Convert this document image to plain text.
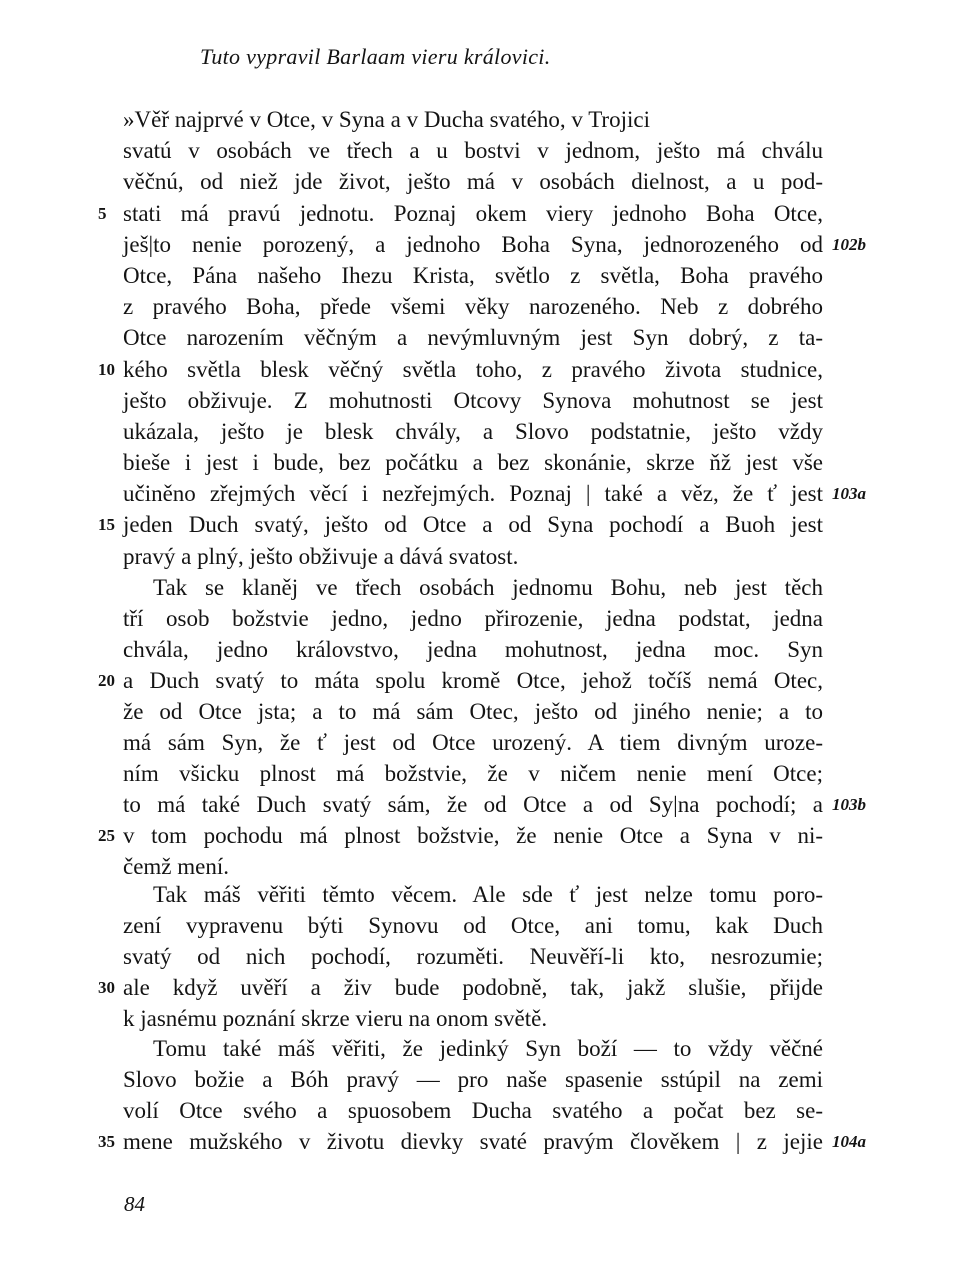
Tuto vypravil Barlaam vieru královici.
»Věř najprvé v Otce, v Syna a v Ducha svatého, v Trojici
svatú v osobách ve třech a u bostvi v jednom, ješto má chválu
věčnú, od niež jde život, ješto má v osobách dielnost, a u pod-
stati má pravú jednotu. Poznaj okem viery jednoho Boha Otce,
ješ|to nenie porozený, a jednoho Boha Syna, jednorozeného od
Otce, Pána našeho Ihezu Krista, světlo z světla, Boha pravého
z pravého Boha, přede všemi věky narozeného. Neb z dobrého
Otce narozením věčným a nevýmluvným jest Syn dobrý, z ta-
kého světla blesk věčný světla toho, z pravého života studnice,
ješto obživuje. Z mohutnosti Otcovy Synova mohutnost se jest
ukázala, ješto je blesk chvály, a Slovo podstatnie, ješto vždy
bieše i jest i bude, bez počátku a bez skonánie, skrze ňž jest vše
učiněno zřejmých věcí i nezřejmých. Poznaj | také a věz, že ť jest
jeden Duch svatý, ješto od Otce a od Syna pochodí a Buoh jest
pravý a plný, ješto obživuje a dává svatost.
Tak se klaněj ve třech osobách jednomu Bohu, neb jest těch
tří osob božstvie jedno, jedno přirozenie, jedna podstat, jedna
chvála, jedno královstvo, jedna mohutnost, jedna moc. Syn
a Duch svatý to máta spolu kromě Otce, jehož točíš nemá Otec,
že od Otce jsta; a to má sám Otec, ješto od jiného nenie; a to
má sám Syn, že ť jest od Otce urozený. A tiem divným uroze-
ním všicku plnost má božstvie, že v ničem nenie mení Otce;
to má také Duch svatý sám, že od Otce a od Sy|na pochodí; a
v tom pochodu má plnost božstvie, že nenie Otce a Syna v ni-
čemž mení.
Tak máš věřiti těmto věcem. Ale sde ť jest nelze tomu poro-
zení vypravenu býti Synovu od Otce, ani tomu, kak Duch
svatý od nich pochodí, rozuměti. Neuvěří-li kto, nesrozumie;
ale když uvěří a živ bude podobně, tak, jakž slušie, přijde
k jasnému poznání skrze vieru na onom světě.
Tomu také máš věřiti, že jedinký Syn boží — to vždy věčné
Slovo božie a Bóh pravý — pro naše spasenie sstúpil na zemi
volí Otce svého a spuosobem Ducha svatého a počat bez se-
mene mužského v životu dievky svaté pravým člověkem | z jejie
5
10
15
20
25
30
35
102b
103a
103b
104a
84
